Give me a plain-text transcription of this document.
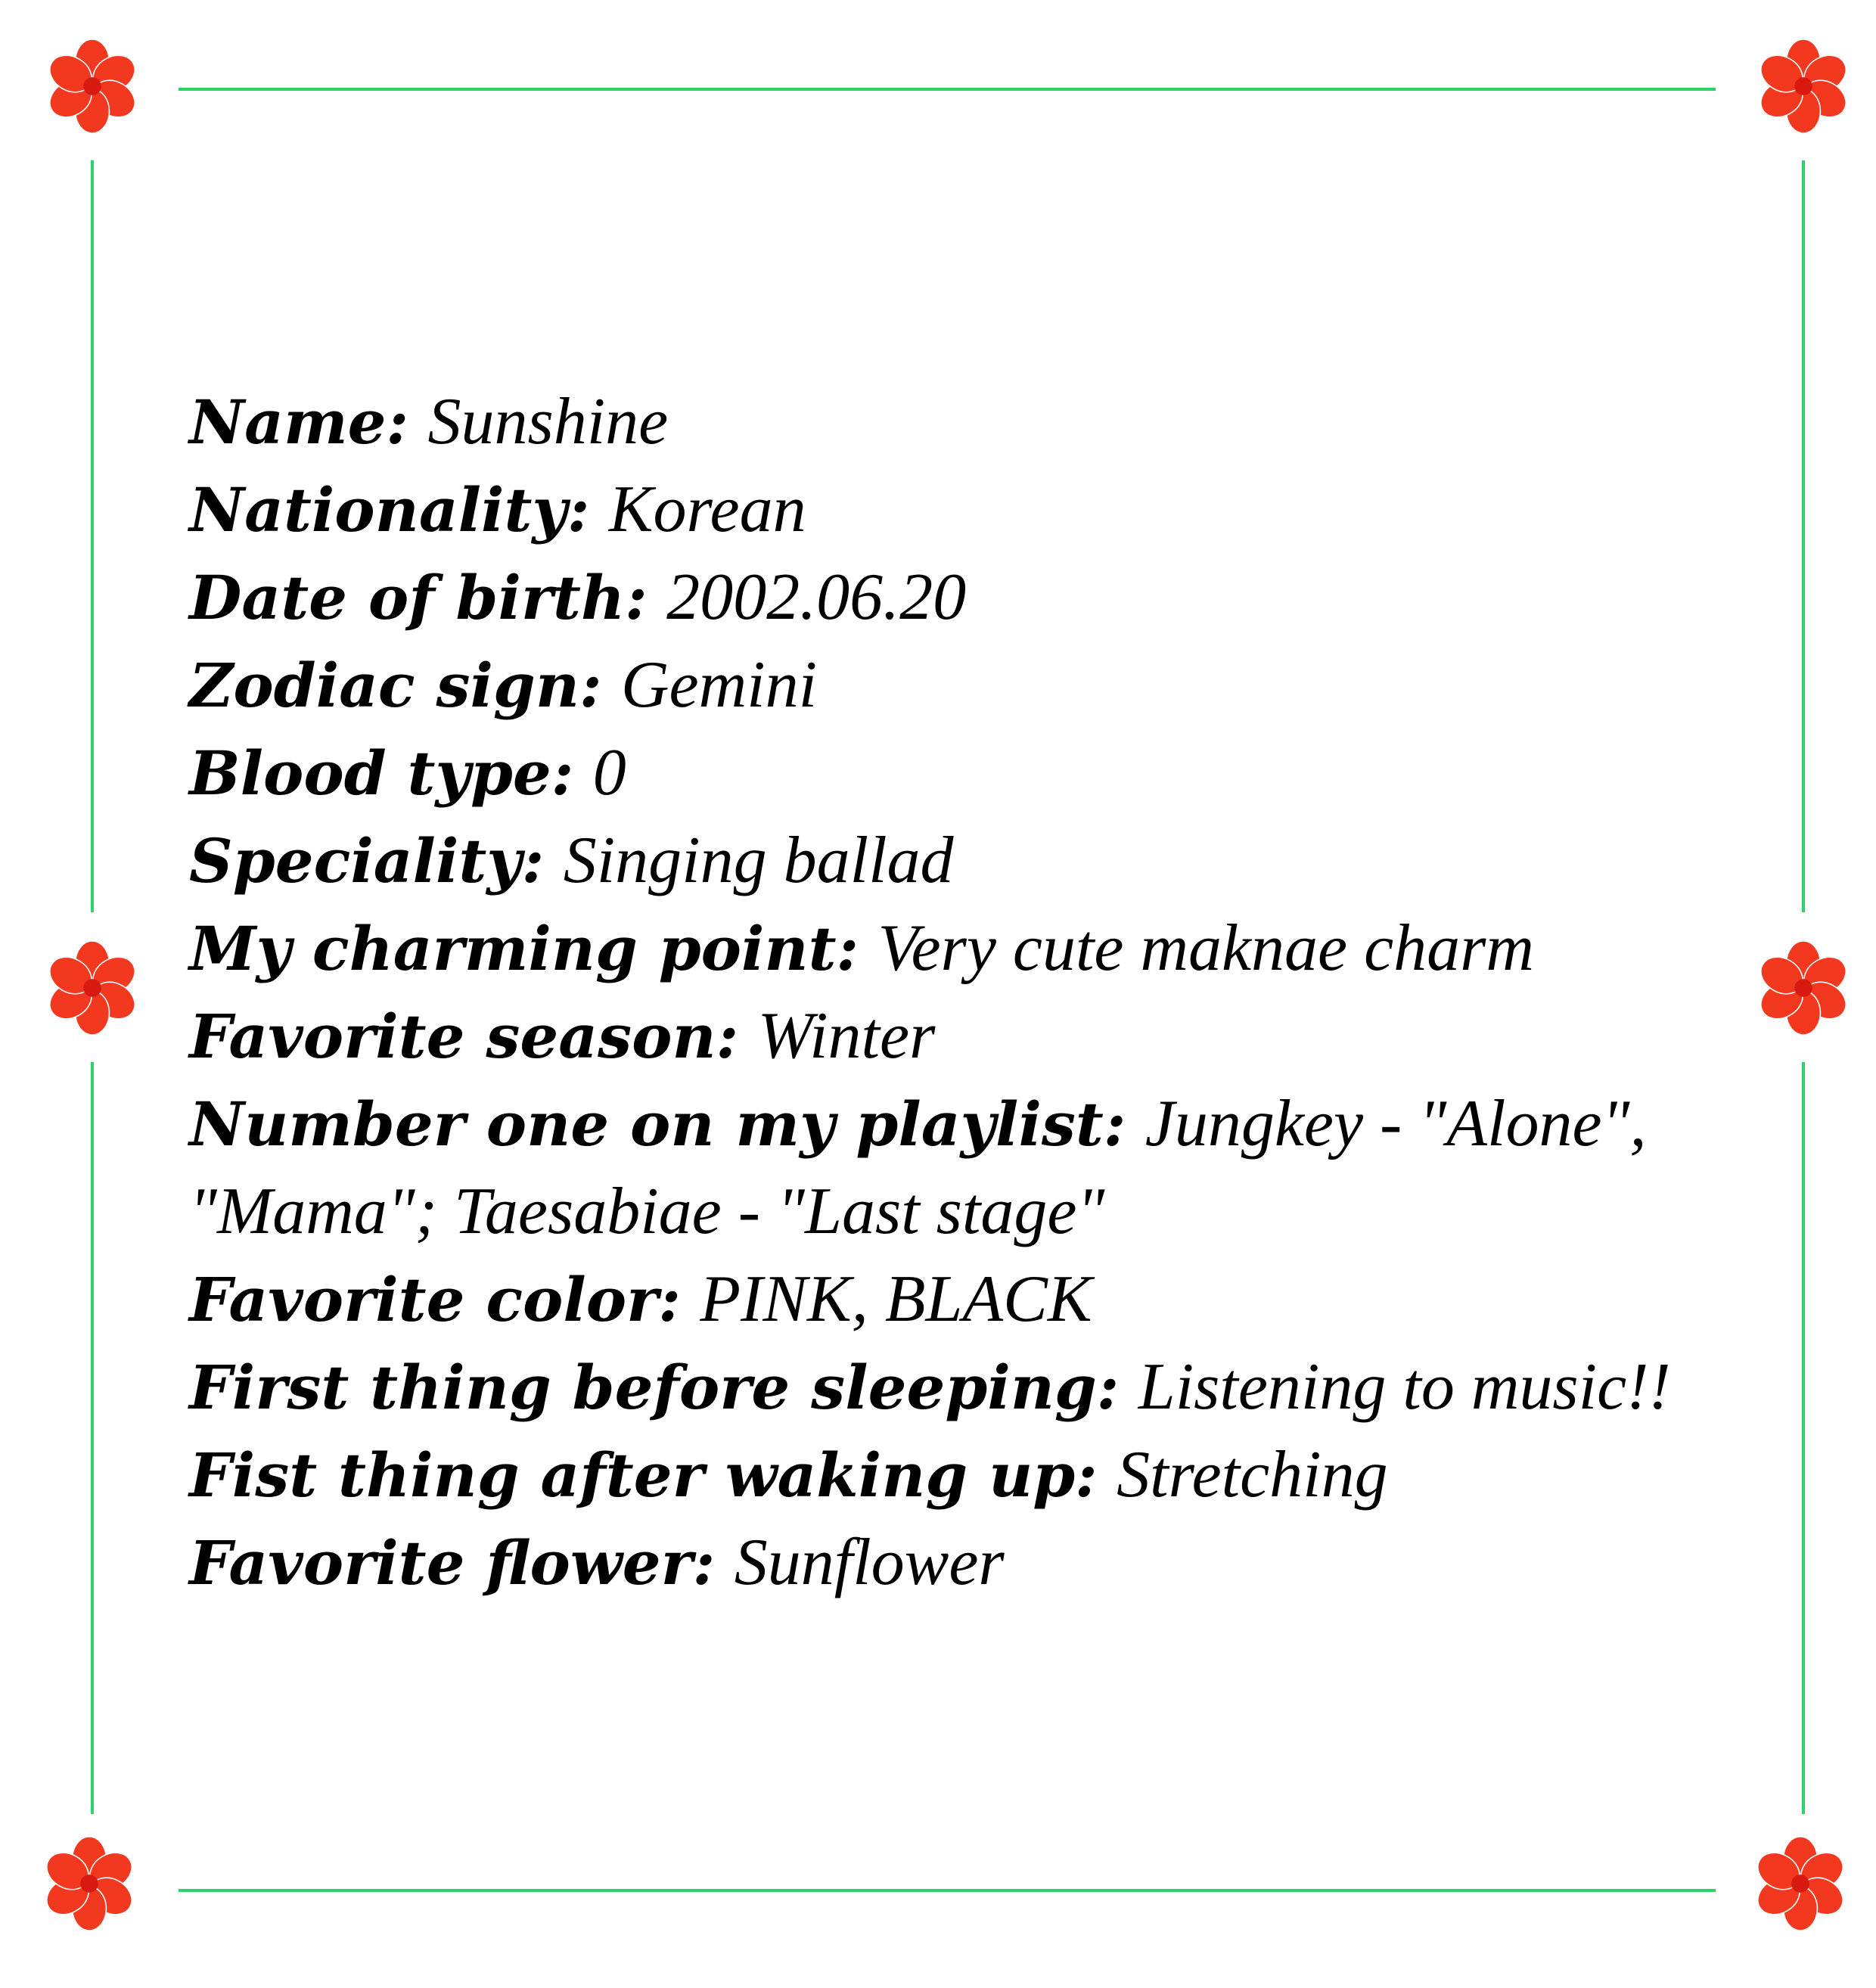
Name: Sunshine
Nationality: Korean
Date of birth: 2002.06.20
Zodiac sign: Gemini
Blood type: 0
Speciality: Singing ballad
My charming point: Very cute maknae charm
Favorite season: Winter
Number one on my playlist: Jungkey - "Alone",
"Mama"; Taesabiae - "Last stage"
Favorite color: PINK, BLACK
First thing before sleeping: Listening to music!!
Fist thing after waking up: Stretching
Favorite flower: Sunflower
